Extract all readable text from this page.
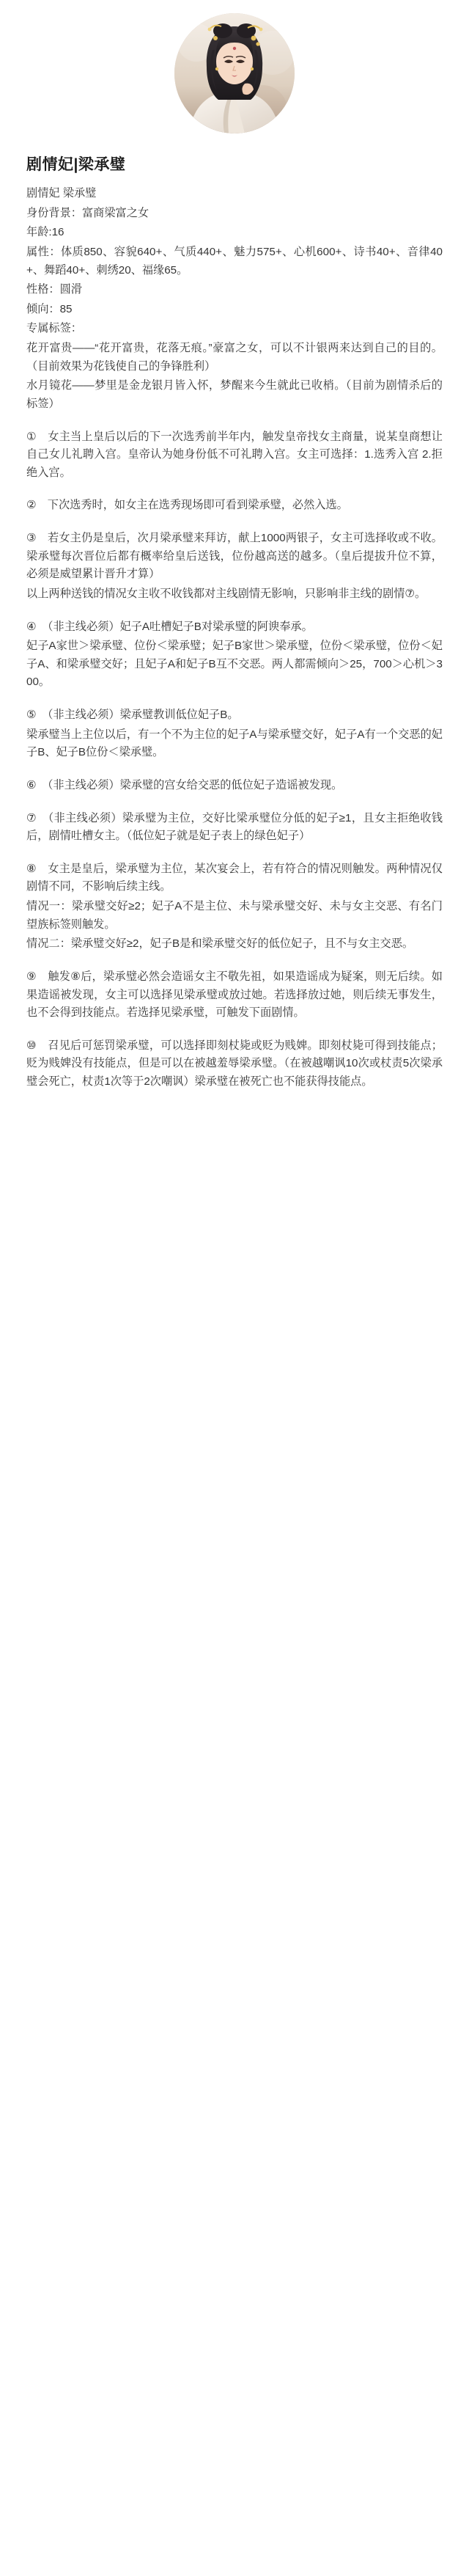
剧情妃|梁承璧

剧情妃 梁承璧

身份背景：富商梁富之女

年龄:16

属性：体质850、容貌640+、气质440+、魅力575+、心机600+、诗书40+、音律40+、舞蹈40+、刺绣20、福缘65。

性格：圆滑

倾向：85

专属标签：

花开富贵——“花开富贵，花落无痕。”豪富之女，可以不计银两来达到自己的目的。（目前效果为花钱使自己的争锋胜利）

水月镜花——梦里是金龙银月皆入怀，梦醒来今生就此已收梢。（目前为剧情杀后的标签）

①　女主当上皇后以后的下一次选秀前半年内，触发皇帝找女主商量，说某皇商想让自己女儿礼聘入宫。皇帝认为她身份低不可礼聘入宫。女主可选择：1.选秀入宫 2.拒绝入宫。

②　下次选秀时，如女主在选秀现场即可看到梁承璧，必然入选。

③　若女主仍是皇后，次月梁承璧来拜访，献上1000两银子，女主可选择收或不收。梁承璧每次晋位后都有概率给皇后送钱，位份越高送的越多。（皇后提拔升位不算，必须是威望累计晋升才算）

以上两种送钱的情况女主收不收钱都对主线剧情无影响，只影响非主线的剧情⑦。

④　（非主线必须）妃子A吐槽妃子B对梁承璧的阿谀奉承。

妃子A家世＞梁承璧、位份＜梁承璧；妃子B家世＞梁承璧，位份＜梁承璧，位份＜妃子A、和梁承璧交好；且妃子A和妃子B互不交恶。两人都需倾向＞25，700＞心机＞300。

⑤　（非主线必须）梁承璧教训低位妃子B。

梁承璧当上主位以后，有一个不为主位的妃子A与梁承璧交好，妃子A有一个交恶的妃子B、妃子B位份＜梁承璧。

⑥　（非主线必须）梁承璧的宫女给交恶的低位妃子造谣被发现。

⑦　（非主线必须）梁承璧为主位，交好比梁承璧位分低的妃子≥1，且女主拒绝收钱后，剧情吐槽女主。（低位妃子就是妃子表上的绿色妃子）

⑧　女主是皇后，梁承璧为主位，某次宴会上，若有符合的情况则触发。两种情况仅剧情不同，不影响后续主线。

情况一：梁承璧交好≥2；妃子A不是主位、未与梁承璧交好、未与女主交恶、有名门望族标签则触发。

情况二：梁承璧交好≥2，妃子B是和梁承璧交好的低位妃子，且不与女主交恶。

⑨　触发⑧后，梁承璧必然会造谣女主不敬先祖，如果造谣成为疑案，则无后续。如果造谣被发现，女主可以选择见梁承璧或放过她。若选择放过她，则后续无事发生，也不会得到技能点。若选择见梁承璧，可触发下面剧情。

⑩　召见后可惩罚梁承璧，可以选择即刻杖毙或贬为贱婢。即刻杖毙可得到技能点；贬为贱婢没有技能点，但是可以在被越羞辱梁承璧。（在被越嘲讽10次或杖责5次梁承璧会死亡，杖责1次等于2次嘲讽）梁承璧在被死亡也不能获得技能点。
